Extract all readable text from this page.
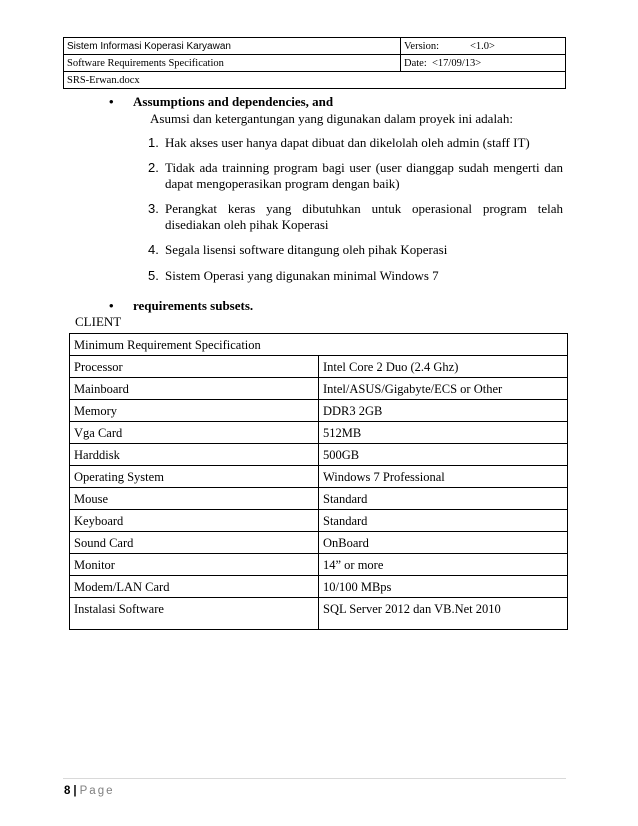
Sistem Informasi Koperasi Karyawan	Version: <1.0>
Software Requirements Specification	Date: <17/09/13>
SRS-Erwan.docx	
• Assumptions and dependencies, and
Asumsi dan ketergantungan yang digunakan dalam proyek ini adalah:
1. Hak akses user hanya dapat dibuat dan dikelolah oleh admin (staff IT)
2. Tidak ada trainning program bagi user (user dianggap sudah mengerti dan dapat mengoperasikan program dengan baik)
3. Perangkat keras yang dibutuhkan untuk operasional program telah disediakan oleh pihak Koperasi
4. Segala lisensi software ditangung oleh pihak Koperasi
5. Sistem Operasi yang digunakan minimal Windows 7
• requirements subsets.
CLIENT
Minimum Requirement Specification	
Processor	Intel Core 2 Duo (2.4 Ghz)
Mainboard	Intel/ASUS/Gigabyte/ECS or Other
Memory	DDR3 2GB
Vga Card	512MB
Harddisk	500GB
Operating System	Windows 7 Professional
Mouse	Standard
Keyboard	Standard
Sound Card	OnBoard
Monitor	14” or more
Modem/LAN Card	10/100 MBps
Instalasi Software	SQL Server 2012 dan VB.Net 2010
8 | Page
